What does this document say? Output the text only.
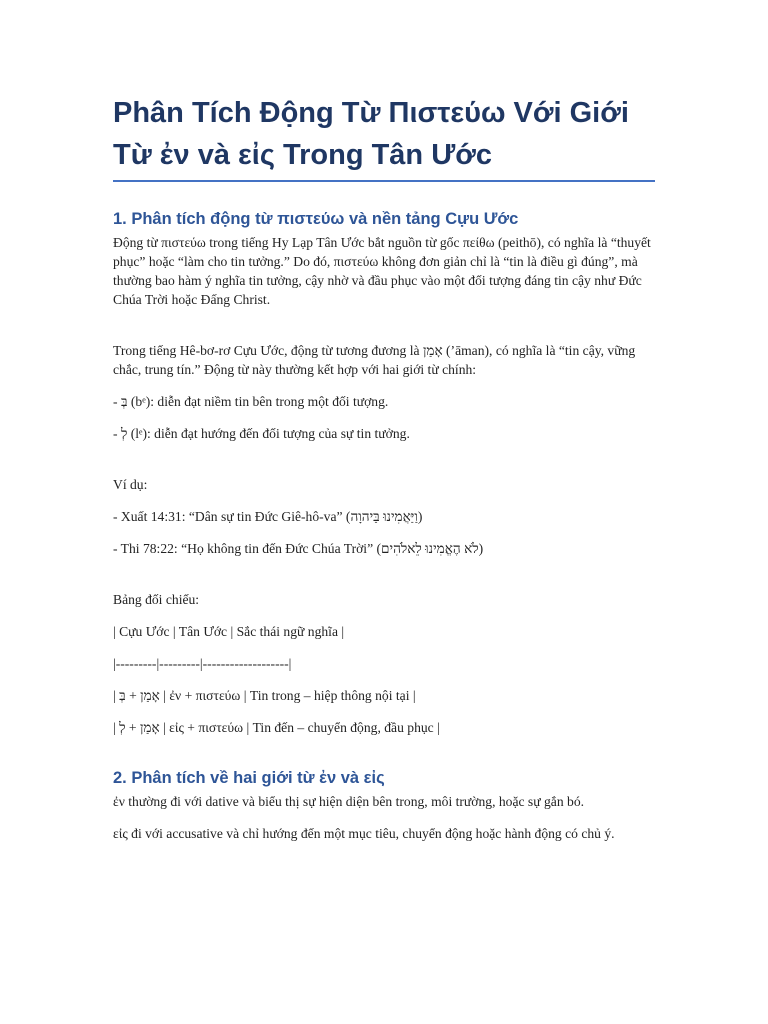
Phân Tích Động Từ Πιστεύω Với Giới Từ ἐν và εἰς Trong Tân Ước
1. Phân tích động từ πιστεύω và nền tảng Cựu Ước

Động từ πιστεύω trong tiếng Hy Lạp Tân Ước bắt nguồn từ gốc πείθω (peithō), có nghĩa là “thuyết phục” hoặc “làm cho tin tưởng.” Do đó, πιστεύω không đơn giản chỉ là “tin là điều gì đúng”, mà thường bao hàm ý nghĩa tin tưởng, cậy nhờ và đầu phục vào một đối tượng đáng tin cậy như Đức Chúa Trời hoặc Đấng Christ.

Trong tiếng Hê-bơ-rơ Cựu Ước, động từ tương đương là אָמַן (’āman), có nghĩa là “tin cậy, vững chắc, trung tín.” Động từ này thường kết hợp với hai giới từ chính:

- בְּ (bᵉ): diễn đạt niềm tin bên trong một đối tượng.

- לְ (lᵉ): diễn đạt hướng đến đối tượng của sự tin tưởng.

Ví dụ:

- Xuất 14:31: “Dân sự tin Đức Giê-hô-va” (וַיַּאֲמִינוּ בַּיהוָה)

- Thi 78:22: “Họ không tin đến Đức Chúa Trời” (לֹא הֶאֱמִינוּ לֵאלֹהִים)

Bảng đối chiếu:

| Cựu Ước | Tân Ước | Sắc thái ngữ nghĩa |

|---------|---------|-------------------|

| אָמַן + בְּ | ἐν + πιστεύω | Tin trong – hiệp thông nội tại |

| אָמַן + לְ | εἰς + πιστεύω | Tin đến – chuyển động, đầu phục |

2. Phân tích về hai giới từ ἐν và εἰς

ἐν thường đi với dative và biểu thị sự hiện diện bên trong, môi trường, hoặc sự gắn bó.

εἰς đi với accusative và chỉ hướng đến một mục tiêu, chuyển động hoặc hành động có chủ ý.
